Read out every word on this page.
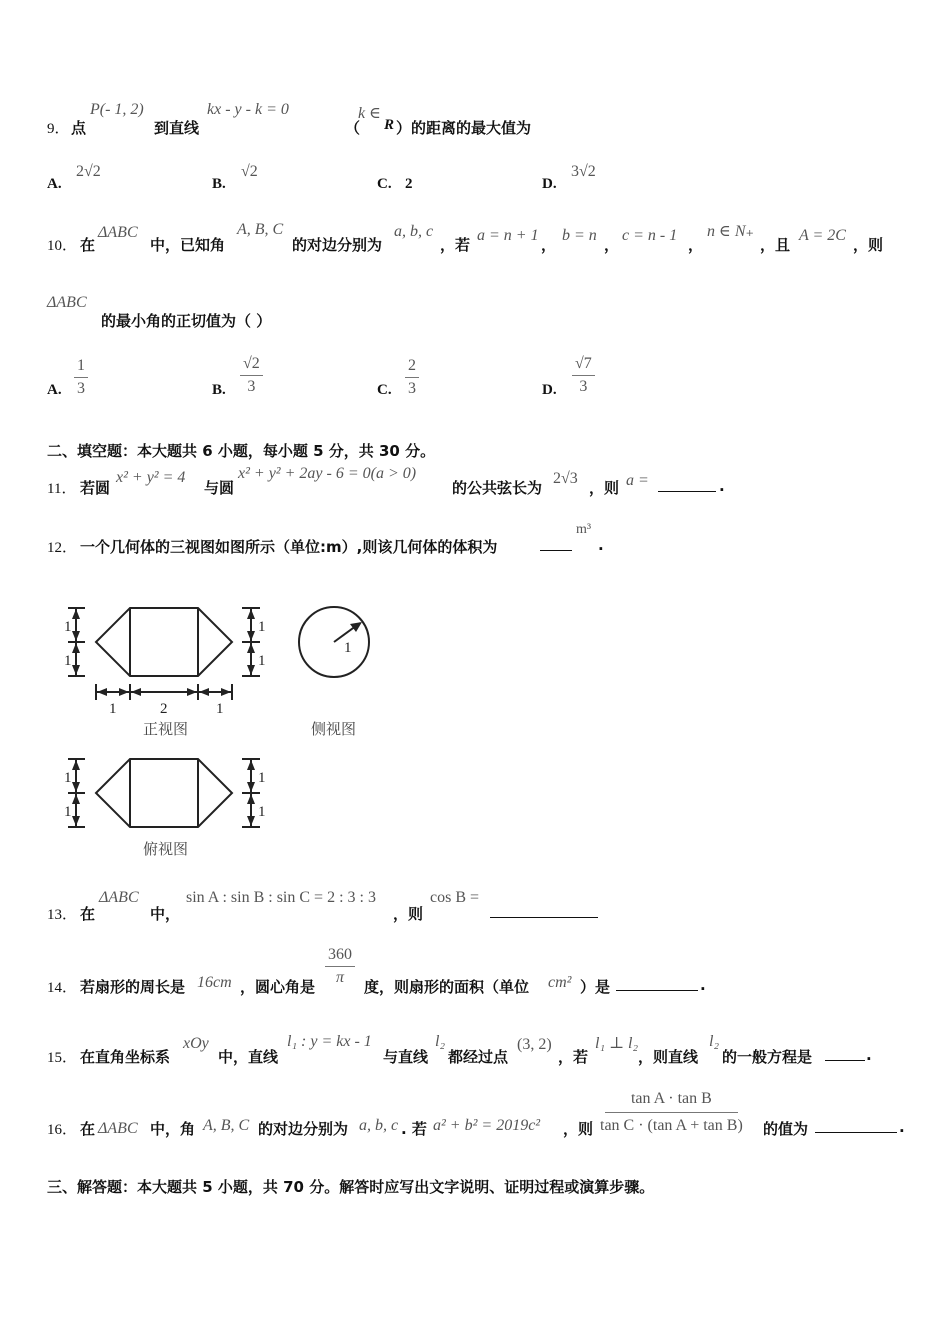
9． 点
P(- 1, 2)
到直线
kx - y - k = 0
（
k ∈
R ）的距离的最大值为
A.
2√2
B.
√2
C. 2	D.
3√2
10． 在
ΔABC
中，已知角
A, B, C
的对边分别为
a, b, c
，若
a = n + 1
，
b = n
，
c = n - 1
，
n ∈ N₊
，且
A = 2C
，则
ΔABC
的最小角的正切值为（ ）
A. $\frac{1}{3}$	B. $\frac{√2}{3}$	C. $\frac{2}{3}$	D. $\frac{√7}{3}$
二、填空题：本大题共 6 小题，每小题 5 分，共 30 分。
11． 若圆
x² + y² = 4
与圆
x² + y² + 2ay - 6 = 0(a > 0)
的公共弦长为
2√3
，则 a =	.
12． 一个几何体的三视图如图所示（单位:m）,则该几何体的体积为
m³
.
1
1
1
1
1	2	1
1
1
1
1
1
正视图	侧视图
俯视图
13． 在
ΔABC
中，
sin A : sin B : sin C = 2 : 3 : 3
，则
cos B =
14． 若扇形的周长是 16cm ，圆心角是 $\frac{360}{\pi}$ 度，则扇形的面积（单位 cm² ）是	.
15． 在直角坐标系
xOy
中，直线
l₁ : y = kx - 1
与直线
l₂
都经过点
(3, 2)
，若
l₁ ⊥ l₂
，则直线
l₂
的一般方程是	.
16． 在 ΔABC 中，角 A, B, C 的对边分别为 a, b, c . 若 a² + b² = 2019c² ，则 $\frac{\text{tan A · tan B}}{\text{tan C · (tan A + tan B)}}$ 的值为	.
三、解答题：本大题共 5 小题，共 70 分。解答时应写出文字说明、证明过程或演算步骤。
